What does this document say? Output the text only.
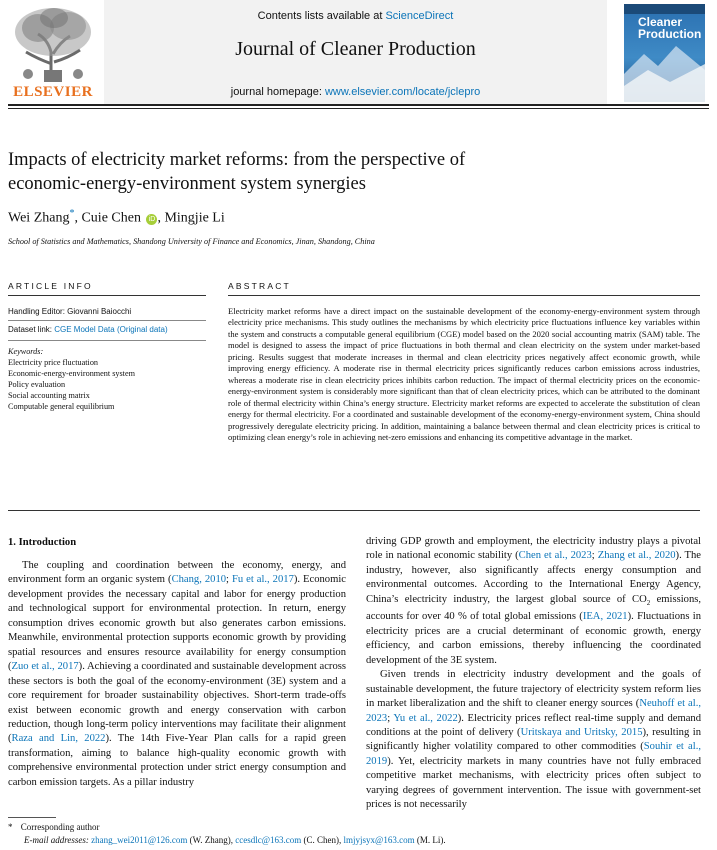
ELSEVIER
Contents lists available at ScienceDirect
Journal of Cleaner Production
journal homepage: www.elsevier.com/locate/jclepro
Cleaner
Production
Impacts of electricity market reforms: from the perspective of
economic-energy-environment system synergies
Wei Zhang*, Cuie Chen iD , Mingjie Li
School of Statistics and Mathematics, Shandong University of Finance and Economics, Jinan, Shandong, China
ARTICLE INFO
Handling Editor: Giovanni Baiocchi
Dataset link: CGE Model Data (Original data)
Keywords:
Electricity price fluctuation
Economic-energy-environment system
Policy evaluation
Social accounting matrix
Computable general equilibrium
ABSTRACT
Electricity market reforms have a direct impact on the sustainable development of the economy-energy-environment system through electricity price mechanisms. This study outlines the mechanisms by which electricity price fluctuations influence key variables within the system and constructs a computable general equilibrium (CGE) model based on the 2020 social accounting matrix (SAM) table. The model is designed to assess the impact of price fluctuations in both thermal and clean electricity on the system under market-based pricing. Results suggest that moderate increases in thermal and clean electricity prices negatively affect economic growth, while improving energy efficiency. A moderate rise in thermal electricity prices significantly reduces carbon emissions across industries, whereas a moderate rise in clean electricity prices inhibits carbon reduction. The impact of thermal electricity prices on the economic-energy-environment system is considerably more significant than that of clean electricity prices, which can be attributed to the dominant role of thermal electricity within China’s energy structure. Electricity market reforms are expected to accelerate the substitution of clean energy for thermal electricity. For a coordinated and sustainable development of the economy-energy-environment system, China should progressively deregulate electricity pricing. In addition, maintaining a balance between thermal and clean electricity prices is critical to optimizing clean energy’s role in achieving net-zero emissions and enhancing its competitive advantage in the market.
1. Introduction

The coupling and coordination between the economy, energy, and environment form an organic system (Chang, 2010; Fu et al., 2017). Economic development provides the necessary capital and labor for energy production and technological support for environmental protection. In return, energy consumption drives economic growth but also generates carbon emissions. Meanwhile, environmental protection supports economic growth by providing spatial resources and ensures resource availability for energy consumption (Zuo et al., 2017). Achieving a coordinated and sustainable development across these sectors is both the goal of the economy-environment (3E) system and a core requirement for broader sustainability objectives. Short-term trade-offs exist between economic growth and energy conservation with carbon reduction, though long-term policy interventions may facilitate their alignment (Raza and Lin, 2022). The 14th Five-Year Plan calls for a rapid green transformation, aiming to balance high-quality economic growth with comprehensive environmental protection under strict energy consumption and carbon emission targets. As a pillar industry

driving GDP growth and employment, the electricity industry plays a pivotal role in national economic stability (Chen et al., 2023; Zhang et al., 2020). The industry, however, also significantly affects energy consumption and environmental outcomes. According to the International Energy Agency, China’s electricity industry, the largest global source of $CO_2$ emissions, accounts for over 40 % of total global emissions (IEA, 2021). Fluctuations in electricity prices are a crucial determinant of economic growth, energy efficiency, and carbon emissions, thereby influencing the coordinated development of the 3E system.

Given trends in electricity industry development and the goals of sustainable development, the future trajectory of electricity system reform lies in market liberalization and the shift to cleaner energy sources (Neuhoff et al., 2023; Yu et al., 2022). Electricity prices reflect real-time supply and demand conditions at the point of delivery (Uritskaya and Uritsky, 2015), resulting in significantly higher volatility compared to other commodities (Souhir et al., 2019). Yet, electricity markets in many countries have not fully embraced competitive market mechanisms, with electricity prices often subject to varying degrees of government intervention. The issue with government-set prices is not necessarily

* Corresponding author
E-mail addresses: zhang_wei2011@126.com (W. Zhang), ccesdlc@163.com (C. Chen), lmjyjsyx@163.com (M. Li).
